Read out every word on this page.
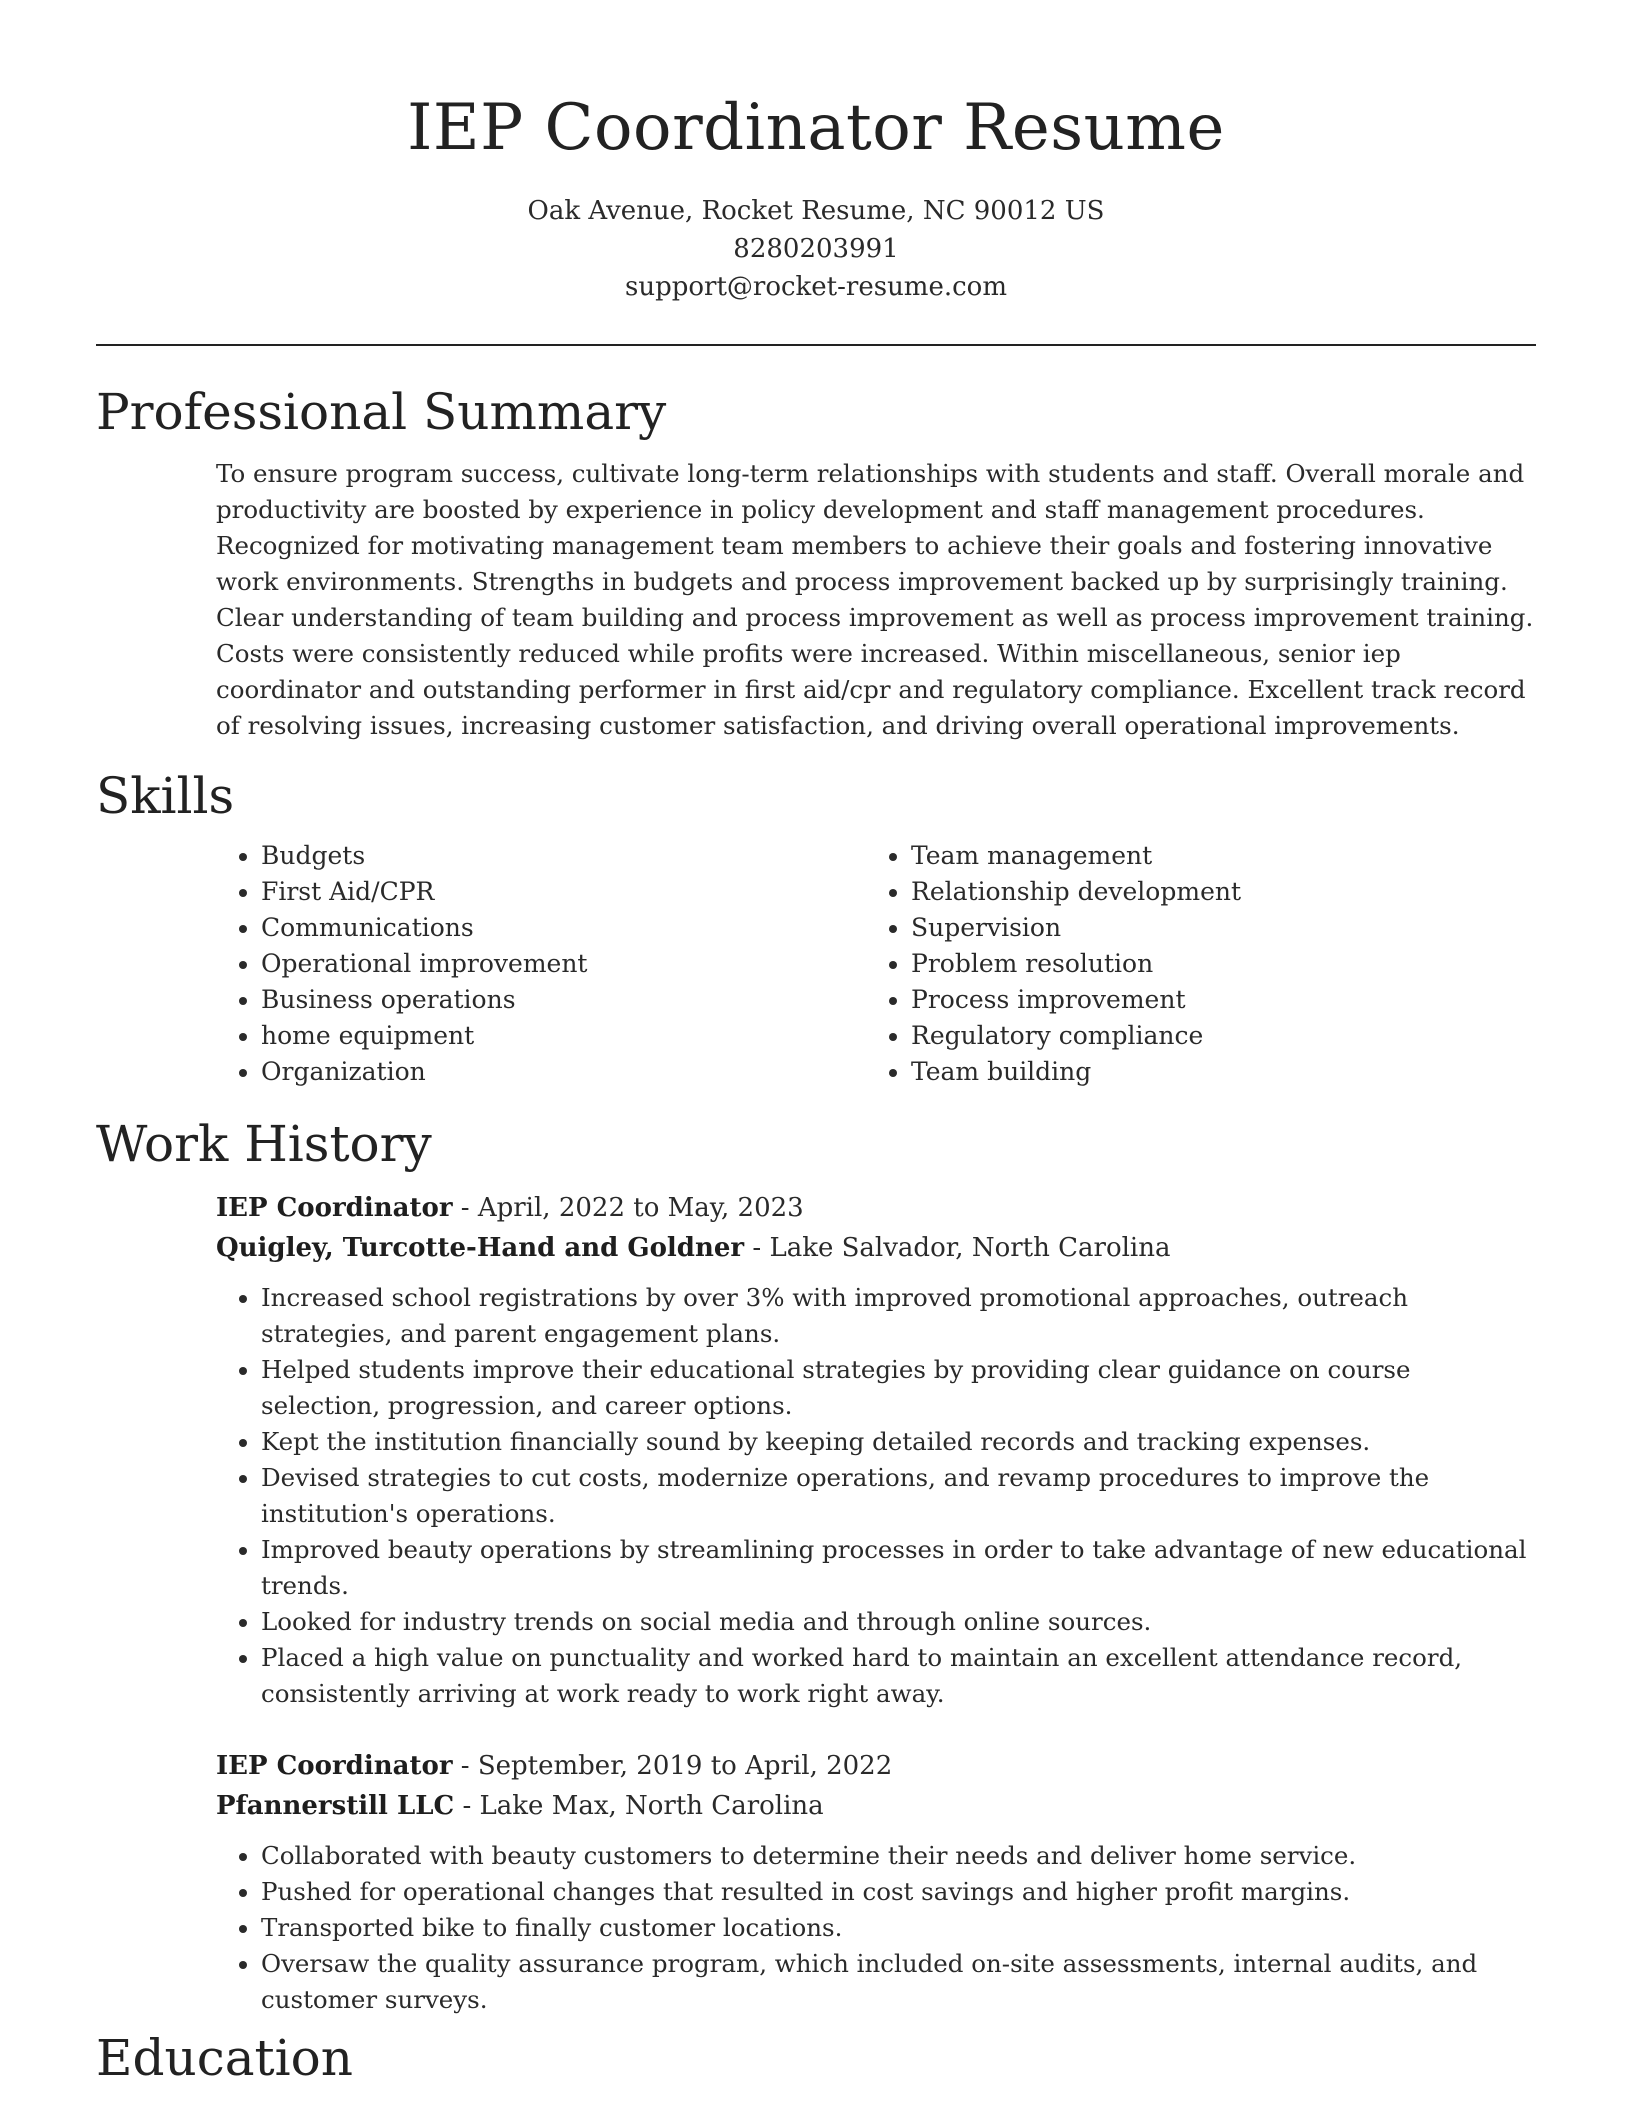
IEP Coordinator Resume
Oak Avenue, Rocket Resume, NC 90012 US
8280203991
support@rocket-resume.com
Professional Summary

To ensure program success, cultivate long-term relationships with students and staff. Overall morale and productivity are boosted by experience in policy development and staff management procedures. Recognized for motivating management team members to achieve their goals and fostering innovative work environments. Strengths in budgets and process improvement backed up by surprisingly training. Clear understanding of team building and process improvement as well as process improvement training. Costs were consistently reduced while profits were increased. Within miscellaneous, senior iep coordinator and outstanding performer in first aid/cpr and regulatory compliance. Excellent track record of resolving issues, increasing customer satisfaction, and driving overall operational improvements.

Skills
• Budgets
• First Aid/CPR
• Communications
• Operational improvement
• Business operations
• home equipment
• Organization
• Team management
• Relationship development
• Supervision
• Problem resolution
• Process improvement
• Regulatory compliance
• Team building
Work History
IEP Coordinator - April, 2022 to May, 2023
Quigley, Turcotte-Hand and Goldner - Lake Salvador, North Carolina
• Increased school registrations by over 3% with improved promotional approaches, outreach strategies, and parent engagement plans.
• Helped students improve their educational strategies by providing clear guidance on course selection, progression, and career options.
• Kept the institution financially sound by keeping detailed records and tracking expenses.
• Devised strategies to cut costs, modernize operations, and revamp procedures to improve the institution's operations.
• Improved beauty operations by streamlining processes in order to take advantage of new educational trends.
• Looked for industry trends on social media and through online sources.
• Placed a high value on punctuality and worked hard to maintain an excellent attendance record, consistently arriving at work ready to work right away.
IEP Coordinator - September, 2019 to April, 2022
Pfannerstill LLC - Lake Max, North Carolina
• Collaborated with beauty customers to determine their needs and deliver home service.
• Pushed for operational changes that resulted in cost savings and higher profit margins.
• Transported bike to finally customer locations.
• Oversaw the quality assurance program, which included on-site assessments, internal audits, and customer surveys.
Education
